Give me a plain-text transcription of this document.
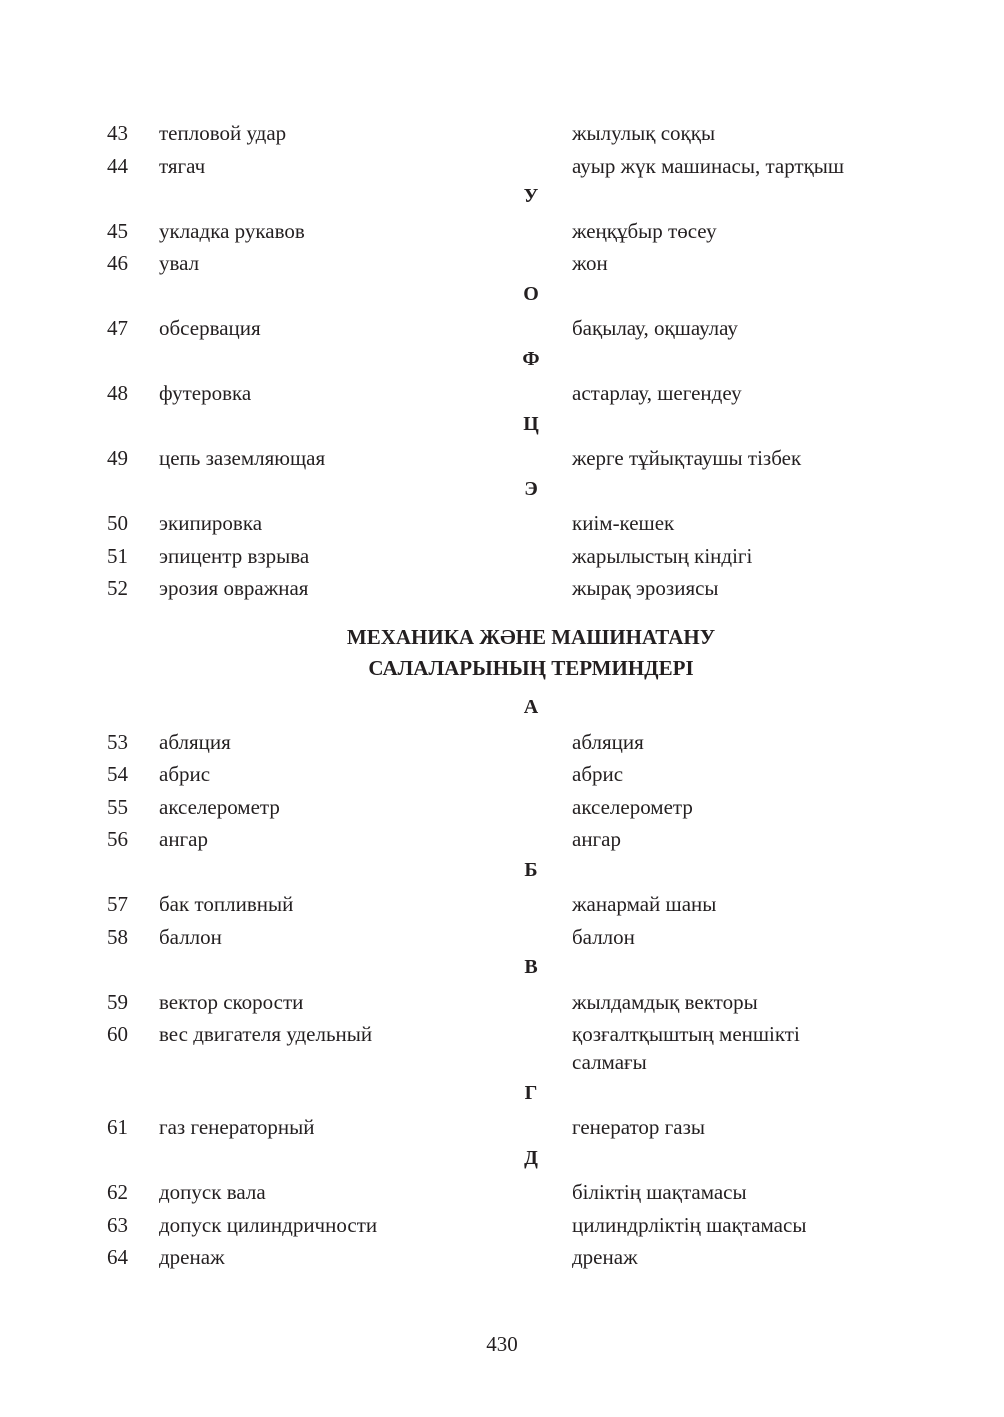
43 тепловой удар	жылулық соққы
44 тягач	ауыр жүк машинасы, тартқыш
У
45 укладка рукавов	жеңқұбыр төсеу
46 увал	жон
О
47 обсервация	бақылау, оқшаулау
Ф
48 футеровка	астарлау, шегендеу
Ц
49 цепь заземляющая	жерге тұйықтаушы тізбек
Э
50 экипировка	киім-кешек
51 эпицентр взрыва	жарылыстың кіндігі
52 эрозия овражная	жырақ эрозиясы
МЕХАНИКА ЖӘНЕ МАШИНАТАНУ
САЛАЛАРЫНЫҢ ТЕРМИНДЕРІ
А
53 абляция	абляция
54 абрис	абрис
55 акселерометр	акселерометр
56 ангар	ангар
Б
57 бак топливный	жанармай шаны
58 баллон	баллон
В
59 вектор скорости	жылдамдық векторы
60 вес двигателя удельный	қозғалтқыштың меншікті
салмағы
Г
61 газ генераторный	генератор газы
Д
62 допуск вала	біліктің шақтамасы
63 допуск цилиндричности	цилиндрліктің шақтамасы
64 дренаж	дренаж
430
